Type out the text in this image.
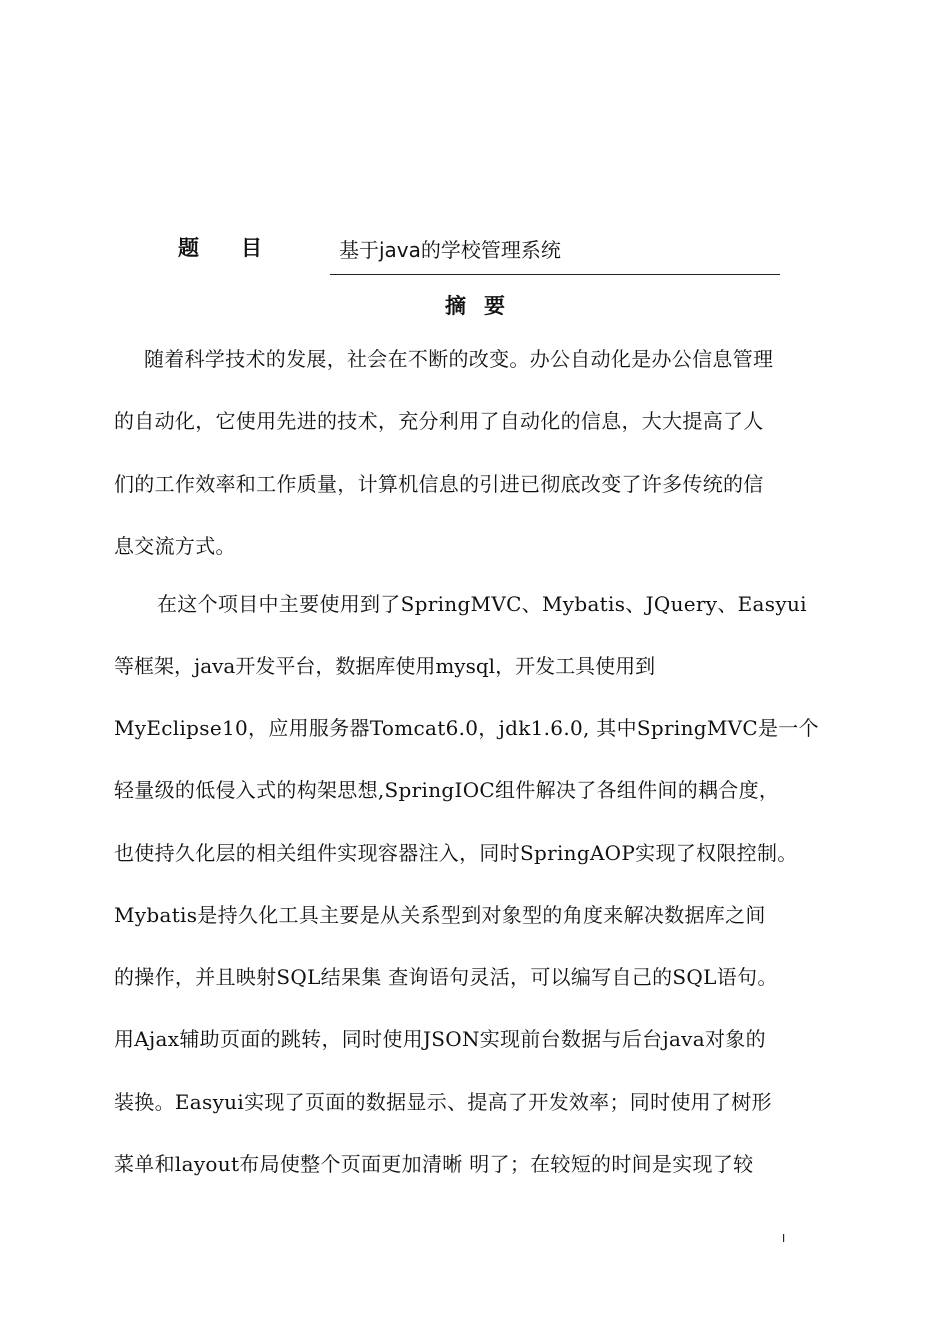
题目 基于java的学校管理系统
摘要
随着科学技术的发展，社会在不断的改变。办公自动化是办公信息管理
的自动化，它使用先进的技术，充分利用了自动化的信息，大大提高了人
们的工作效率和工作质量，计算机信息的引进已彻底改变了许多传统的信
息交流方式。
在这个项目中主要使用到了SpringMVC、Mybatis、JQuery、Easyui
等框架，java开发平台，数据库使用mysql，开发工具使用到
MyEclipse10，应用服务器Tomcat6.0，jdk1.6.0, 其中SpringMVC是一个
轻量级的低侵入式的构架思想,SpringIOC组件解决了各组件间的耦合度，
也使持久化层的相关组件实现容器注入，同时SpringAOP实现了权限控制。
Mybatis是持久化工具主要是从关系型到对象型的角度来解决数据库之间
的操作，并且映射SQL结果集 查询语句灵活，可以编写自己的SQL语句。
用Ajax辅助页面的跳转，同时使用JSON实现前台数据与后台java对象的
装换。Easyui实现了页面的数据显示、提高了开发效率；同时使用了树形
菜单和layout布局使整个页面更加清晰 明了；在较短的时间是实现了较
I
